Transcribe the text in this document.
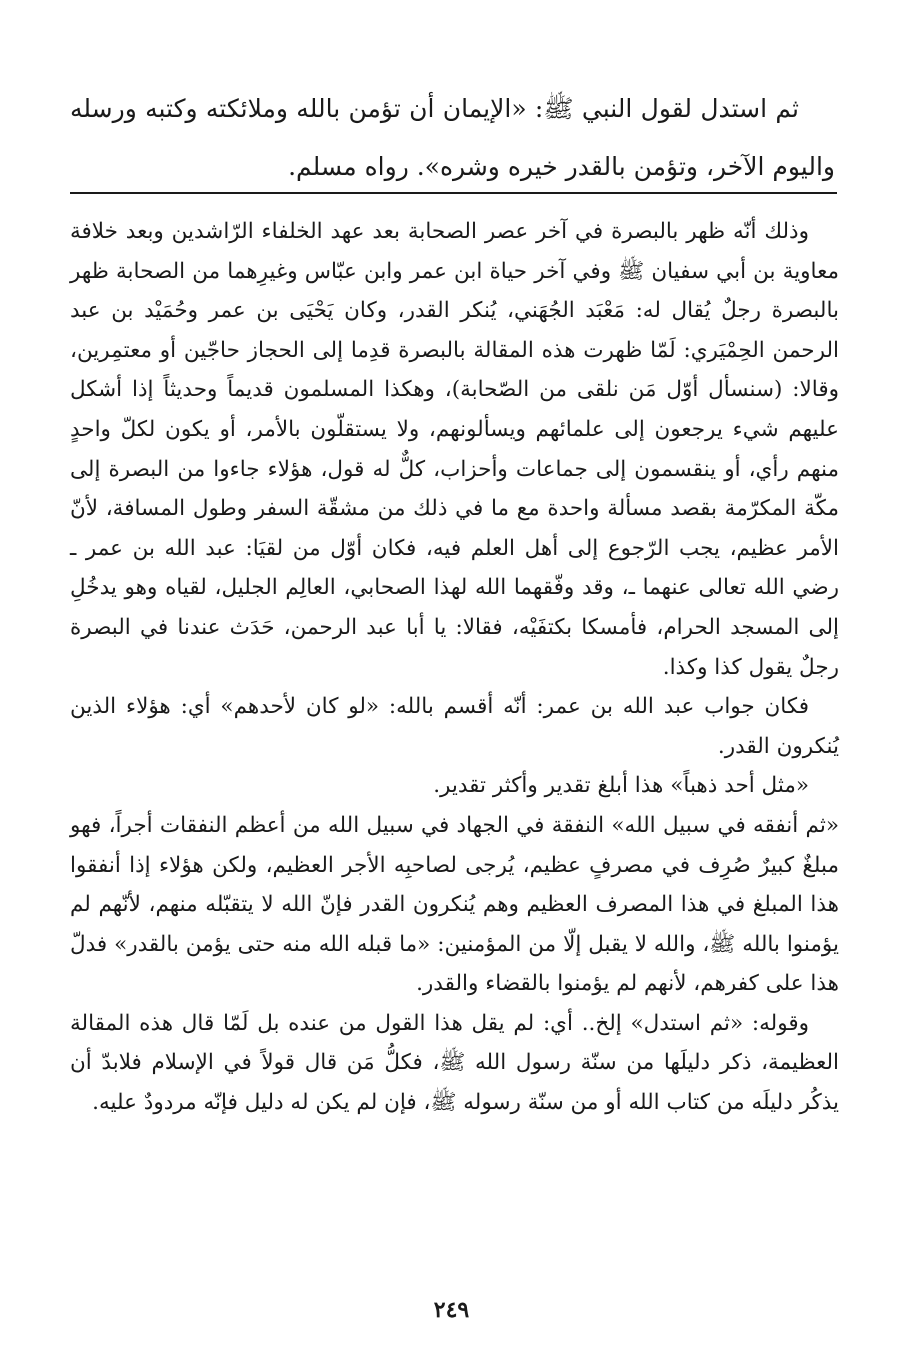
ثم استدل لقول النبي ﷺ: «الإيمان أن تؤمن بالله وملائكته وكتبه ورسله واليوم الآخر، وتؤمن بالقدر خيره وشره». رواه مسلم.

وذلك أنّه ظهر بالبصرة في آخر عصر الصحابة بعد عهد الخلفاء الرّاشدين وبعد خلافة معاوية بن أبي سفيان ﷺ وفي آخر حياة ابن عمر وابن عبّاس وغيرِهما من الصحابة ظهر بالبصرة رجلٌ يُقال له: مَعْبَد الجُهَني، يُنكر القدر، وكان يَحْيَى بن عمر وحُمَيْد بن عبد الرحمن الحِمْيَري: لَمّا ظهرت هذه المقالة بالبصرة قدِما إلى الحجاز حاجّين أو معتمِرين، وقالا: (سنسأل أوّل مَن نلقى من الصّحابة)، وهكذا المسلمون قديماً وحديثاً إذا أشكل عليهم شيء يرجعون إلى علمائهم ويسألونهم، ولا يستقلّون بالأمر، أو يكون لكلّ واحدٍ منهم رأي، أو ينقسمون إلى جماعات وأحزاب، كلٌّ له قول، هؤلاء جاءوا من البصرة إلى مكّة المكرّمة بقصد مسألة واحدة مع ما في ذلك من مشقّة السفر وطول المسافة، لأنّ الأمر عظيم، يجب الرّجوع إلى أهل العلم فيه، فكان أوّل من لقيَا: عبد الله بن عمر ـ رضي الله تعالى عنهما ـ، وقد وفّقهما الله لهذا الصحابي، العالِم الجليل، لقياه وهو يدخُلِ إلى المسجد الحرام، فأمسكا بكتفَيْه، فقالا: يا أبا عبد الرحمن، حَدَث عندنا في البصرة رجلٌ يقول كذا وكذا.

فكان جواب عبد الله بن عمر: أنّه أقسم بالله: «لو كان لأحدهم» أي: هؤلاء الذين يُنكرون القدر.

«مثل أحد ذهباً» هذا أبلغ تقدير وأكثر تقدير.

«ثم أنفقه في سبيل الله» النفقة في الجهاد في سبيل الله من أعظم النفقات أجراً، فهو مبلغٌ كبيرٌ صُرِف في مصرفٍ عظيم، يُرجى لصاحبِه الأجر العظيم، ولكن هؤلاء إذا أنفقوا هذا المبلغ في هذا المصرف العظيم وهم يُنكرون القدر فإنّ الله لا يتقبّله منهم، لأنّهم لم يؤمنوا بالله ﷺ، والله لا يقبل إلّا من المؤمنين: «ما قبله الله منه حتى يؤمن بالقدر» فدلّ هذا على كفرهم، لأنهم لم يؤمنوا بالقضاء والقدر.

وقوله: «ثم استدل» إلخ.. أي: لم يقل هذا القول من عنده بل لَمّا قال هذه المقالة العظيمة، ذكر دليلَها من سنّة رسول الله ﷺ، فكلُّ مَن قال قولاً في الإسلام فلابدّ أن يذكُر دليلَه من كتاب الله أو من سنّة رسوله ﷺ، فإن لم يكن له دليل فإنّه مردودٌ عليه.

٢٤٩
